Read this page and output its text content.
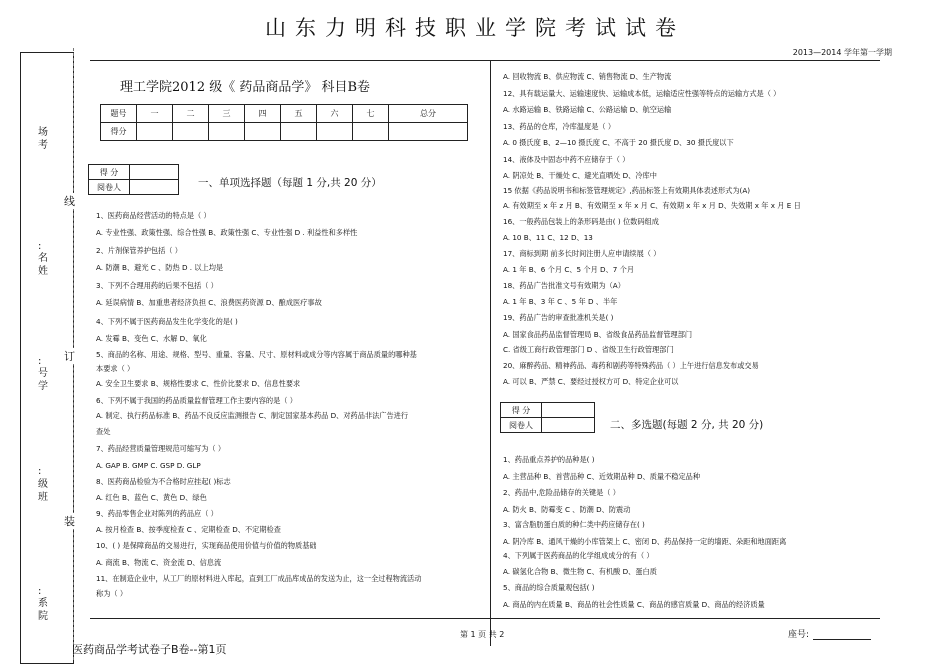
场考
:
名姓
:
号学
:
级班
:
系院
线
订
装
山东力明科技职业学院考试试卷
2013—2014 学年第一学期
理工学院2012 级《 药品商品学》 科目B卷
题号	一	二	三	四	五	六	七	总分
得分								
得 分	
阅卷人		一、单项选择题（每题 1 分,共 20 分）
1、医药商品经营活动的特点是（ ）
A. 专业性强、政策性强、综合性强 B、政策性强 C、专业性强 D . 利益性和多样性
2、片剂保管养护包括（ ）
A. 防潮 B、避光 C 、防热 D . 以上均是
3、下列不合理用药的后果不包括（ ）
A. 延误病情 B、加重患者经济负担 C、浪费医药资源 D、酿成医疗事故
4、下列不属于医药商品发生化学变化的是( )
A. 发霉 B、变色 C、水解 D、氧化
5、商品的名称、用途、规格、型号、重量、容量、尺寸、原材料或成分等内容属于商品质量的哪种基
本要求（ ）
A. 安全卫生要求 B、规格性要求 C、性价比要求 D、信息性要求
6、下列不属于我国的药品质量监督管理工作主要内容的是（ ）
A. 制定、执行药品标准 B、药品不良反应监测报告 C、制定国家基本药品 D、对药品非法广告进行
查处
7、药品经营质量管理规范可缩写为（ ）
A. GAP B. GMP C. GSP D. GLP
8、医药商品检验为不合格时应挂起( )标志
A. 红色 B、蓝色 C、黄色 D、绿色
9、药品零售企业对陈列的药品应（ ）
A. 按月检查 B、按季度检查 C 、定期检查 D、不定期检查
10、( ) 是保障商品的交易进行，实现商品使用价值与价值的物质基础
A. 商流 B、物流 C、资金流 D、信息流
11、在制造企业中，从工厂的原材料进入库起，直到工厂成品库成品的发送为止，这一全过程物流活动
称为（ ）
A. 回收物流 B、供应物流 C、销售物流 D、生产物流
12、具有载运量大、运输速度快、运输成本低，运输适应性强等特点的运输方式是（ ）
A. 水路运输 B、铁路运输 C、公路运输 D、航空运输
13、药品的仓库，冷库温度是（ ）
A. 0 摄氏度 B、2—10 摄氏度 C、不高于 20 摄氏度 D、30 摄氏度以下
14、液体及中固态中药不应储存于（ ）
A. 阴凉处 B、干燥处 C、避光直晒处 D、冷库中
15 依据《药品说明书和标签管理规定》,药品标签上有效期具体表述形式为(A)
A. 有效期至 x 年 z 月 B、有效期至 x 年 x 月 C、有效期 x 年 x 月 D、失效期 x 年 x 月 E 日
16、一般药品包装上的条形码是由( ) 位数码组成
A. 10 B、11 C、12 D、13
17、商标到期 前多长时间注册人应申请续展（ ）
A. 1 年 B、6 个月 C、5 个月 D、7 个月
18、药品广告批准文号有效期为（A）
A. 1 年 B、3 年 C 、5 年 D 、半年
19、药品广告的审查批准机关是( )
A. 国家食品药品监督管理局 B、省级食品药品监督管理部门
C. 省级工商行政管理部门 D 、省级卫生行政管理部门
20、麻醉药品、精神药品、毒药和剧药等特殊药品（ ）上午进行信息发布或交易
A. 可以 B、严禁 C、要经过授权方可 D、特定企业可以
得 分	
阅卷人		二、多选题(每题 2 分, 共 20 分)
1、药品重点养护的品种是( )
A. 主营品种 B、首营品种 C、近效期品种 D、质量不稳定品种
2、药品中,危险品储存的关键是（ ）
A. 防火 B、防霉变 C 、防潮 D、防震动
3、富含脂肪蛋白质的种仁类中药应储存在( )
A. 阴冷库 B、通风干燥的小库管架上 C、密闭 D、药品保持一定的墙距、朵距和地面距离
4、下列属于医药商品的化学组成成分的有（ ）
A. 碳氢化合物 B、微生物 C、有机酸 D、蛋白质
5、商品的综合质量观包括( )
A. 商品的内在质量 B、商品的社会性质量 C、商品的感官质量 D、商品的经济质量
第 1 页 共 2	座号:
医药商品学考试卷子B卷--第1页
